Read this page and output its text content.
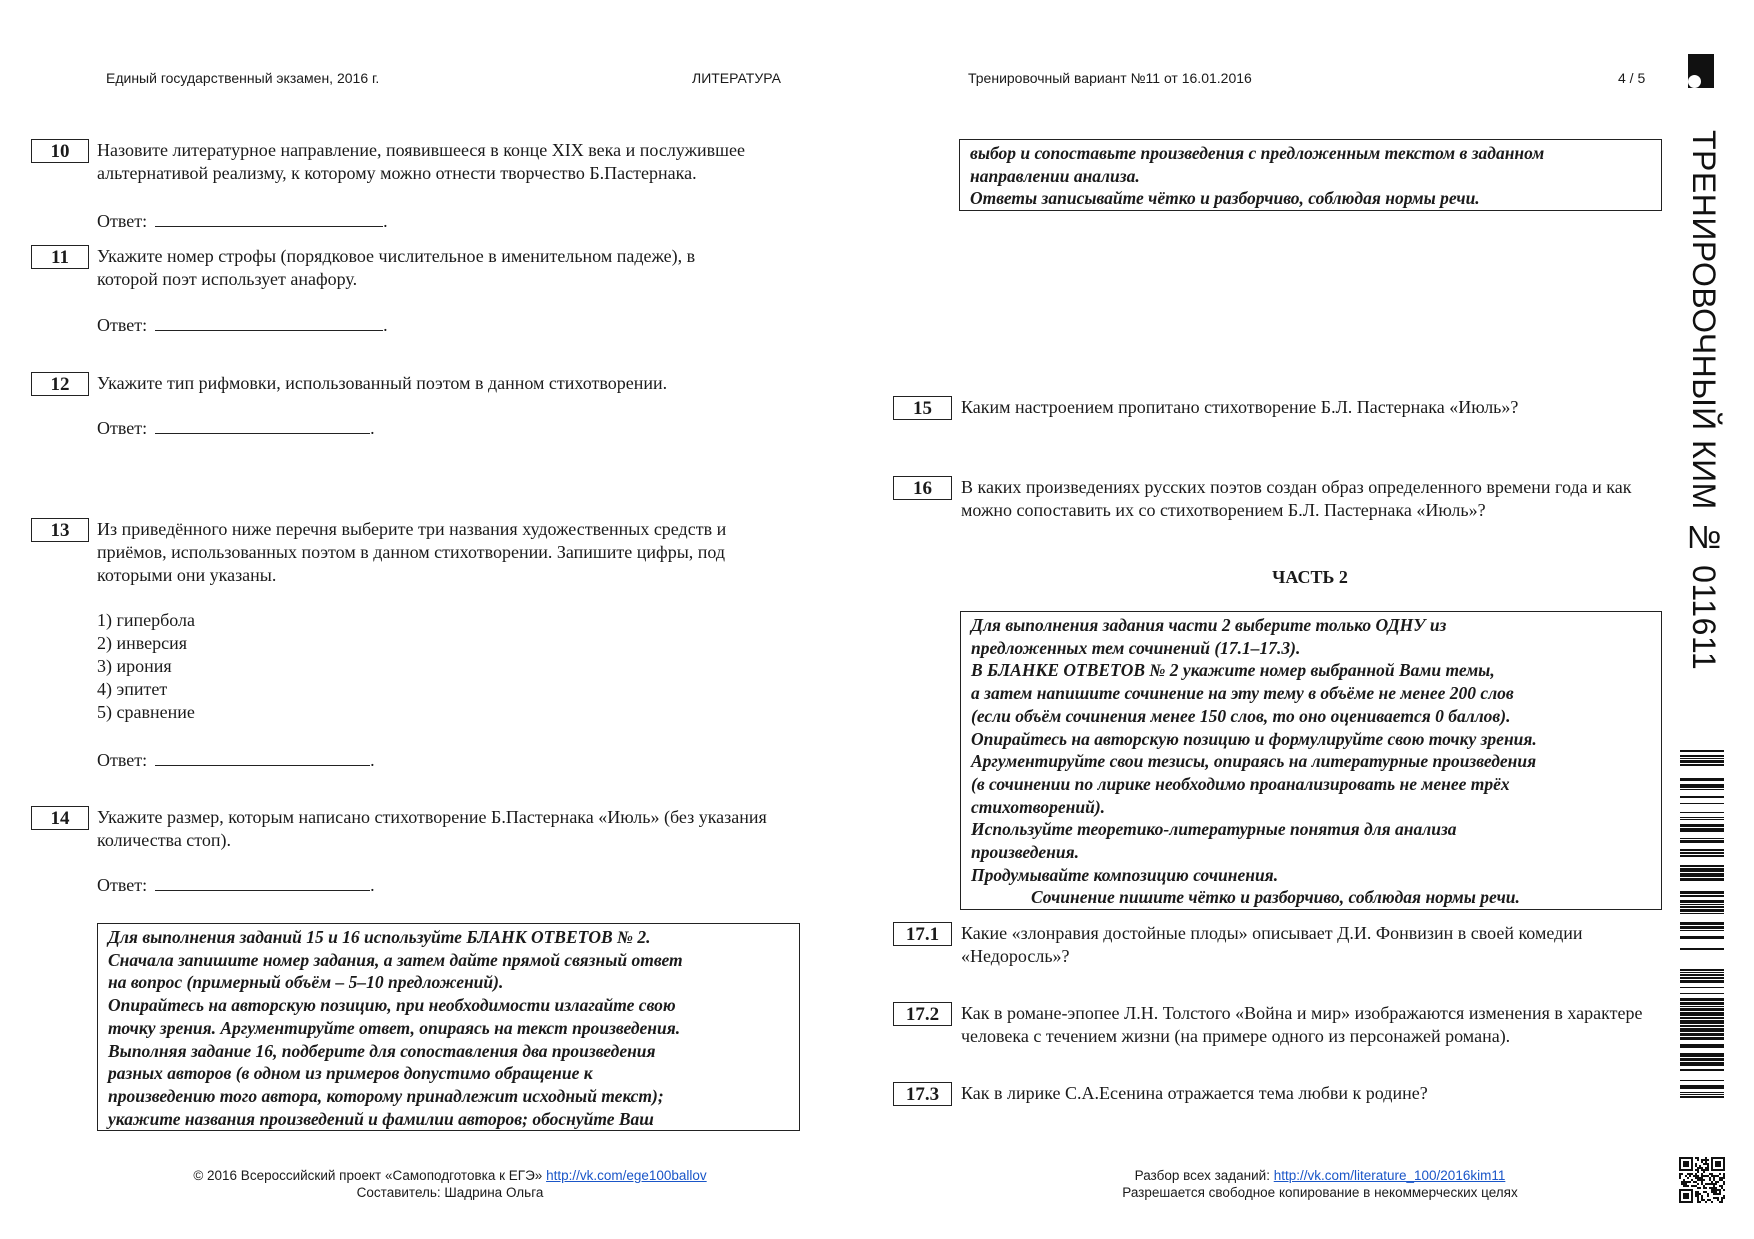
Единый государственный экзамен, 2016 г.	ЛИТЕРАТУРА	Тренировочный вариант №11 от 16.01.2016	4 / 5
ТРЕНИРОВОЧНЫЙ КИМ № 011611
10	Назовите литературное направление, появившееся в конце XIX века и послужившее альтернативой реализму, к которому можно отнести творчество Б.Пастернака.
Ответ:	.
11	Укажите номер строфы (порядковое числительное в именительном падеже), в которой поэт использует анафору.
Ответ:	.
12	Укажите тип рифмовки, использованный поэтом в данном стихотворении.
Ответ:	.
13	Из приведённого ниже перечня выберите три названия художественных средств и приёмов, использованных поэтом в данном стихотворении. Запишите цифры, под которыми они указаны.
1) гипербола
2) инверсия
3) ирония
4) эпитет
5) сравнение
Ответ:	.
14	Укажите размер, которым написано стихотворение Б.Пастернака «Июль» (без указания количества стоп).
Ответ:	.

Для выполнения заданий 15 и 16 используйте БЛАНК ОТВЕТОВ № 2.

Сначала запишите номер задания, а затем дайте прямой связный ответ

на вопрос (примерный объём – 5–10 предложений).

Опирайтесь на авторскую позицию, при необходимости излагайте свою

точку зрения. Аргументируйте ответ, опираясь на текст произведения.

Выполняя задание 16, подберите для сопоставления два произведения

разных авторов (в одном из примеров допустимо обращение к

произведению того автора, которому принадлежит исходный текст);

укажите названия произведений и фамилии авторов; обоснуйте Ваш

выбор и сопоставьте произведения с предложенным текстом в заданном

направлении анализа.

Ответы записывайте чётко и разборчиво, соблюдая нормы речи.

15	Каким настроением пропитано стихотворение Б.Л. Пастернака «Июль»?
16	В каких произведениях русских поэтов создан образ определенного времени года и как можно сопоставить их со стихотворением Б.Л. Пастернака «Июль»?
ЧАСТЬ 2

Для выполнения задания части 2 выберите только ОДНУ из

предложенных тем сочинений (17.1–17.3).

В БЛАНКЕ ОТВЕТОВ № 2 укажите номер выбранной Вами темы,

а затем напишите сочинение на эту тему в объёме не менее 200 слов

(если объём сочинения менее 150 слов, то оно оценивается 0 баллов).

Опирайтесь на авторскую позицию и формулируйте свою точку зрения.

Аргументируйте свои тезисы, опираясь на литературные произведения

(в сочинении по лирике необходимо проанализировать не менее трёх

стихотворений).

Используйте теоретико-литературные понятия для анализа

произведения.

Продумывайте композицию сочинения.

Сочинение пишите чётко и разборчиво, соблюдая нормы речи.

17.1	Какие «злонравия достойные плоды» описывает Д.И. Фонвизин в своей комедии «Недоросль»?
17.2	Как в романе-эпопее Л.Н. Толстого «Война и мир» изображаются изменения в характере человека с течением жизни (на примере одного из персонажей романа).
17.3	Как в лирике С.А.Есенина отражается тема любви к родине?
© 2016 Всероссийский проект «Самоподготовка к ЕГЭ» http://vk.com/ege100ballov
Составитель: Шадрина Ольга
Разбор всех заданий: http://vk.com/literature_100/2016kim11
Разрешается свободное копирование в некоммерческих целях
